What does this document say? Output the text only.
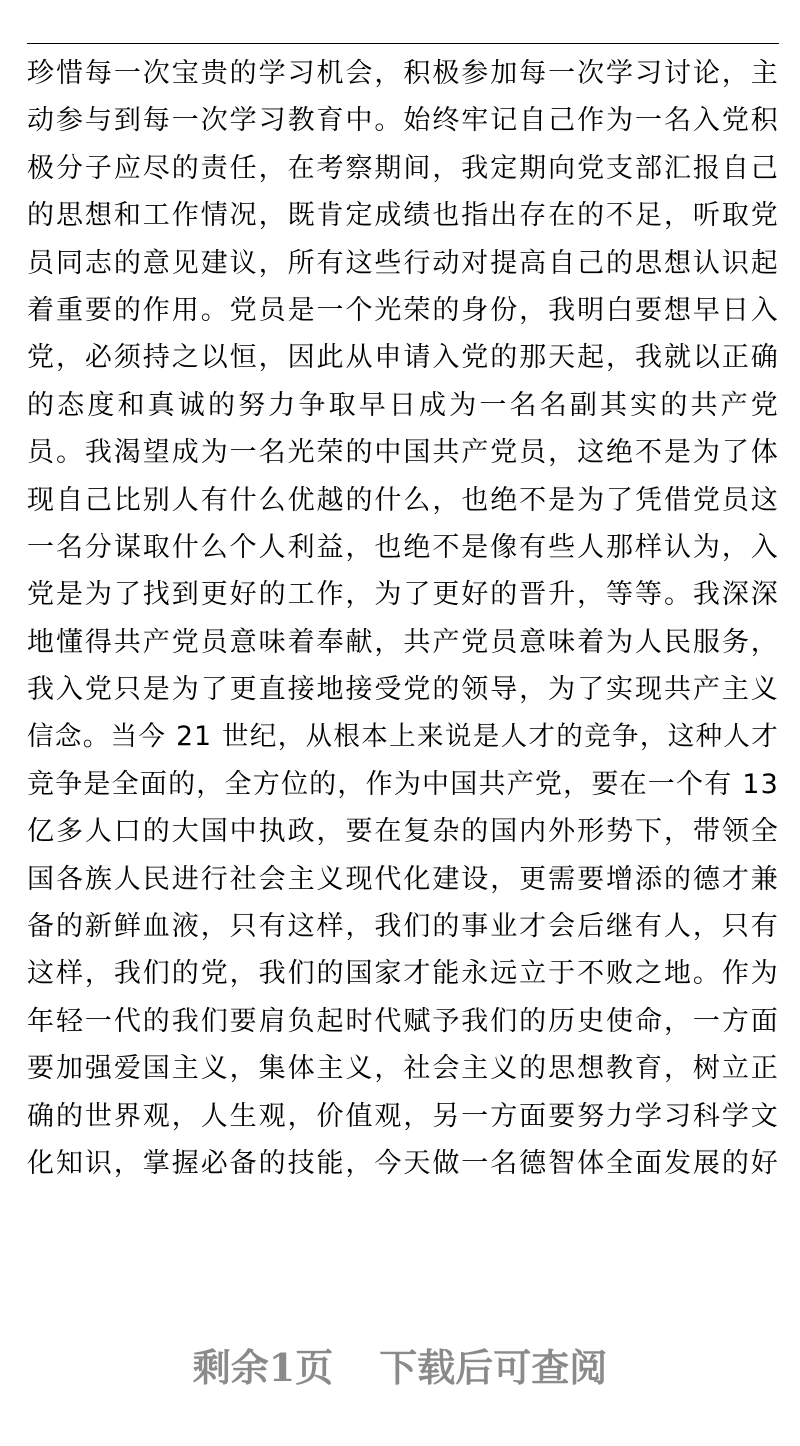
珍惜每一次宝贵的学习机会，积极参加每一次学习讨论，主
动参与到每一次学习教育中。始终牢记自己作为一名入党积
极分子应尽的责任，在考察期间，我定期向党支部汇报自己
的思想和工作情况，既肯定成绩也指出存在的不足，听取党
员同志的意见建议，所有这些行动对提高自己的思想认识起
着重要的作用。党员是一个光荣的身份，我明白要想早日入
党，必须持之以恒，因此从申请入党的那天起，我就以正确
的态度和真诚的努力争取早日成为一名名副其实的共产党
员。我渴望成为一名光荣的中国共产党员，这绝不是为了体
现自己比别人有什么优越的什么，也绝不是为了凭借党员这
一名分谋取什么个人利益，也绝不是像有些人那样认为，入
党是为了找到更好的工作，为了更好的晋升，等等。我深深
地懂得共产党员意味着奉献，共产党员意味着为人民服务，
我入党只是为了更直接地接受党的领导，为了实现共产主义
信念。当今 21 世纪，从根本上来说是人才的竞争，这种人才
竞争是全面的，全方位的，作为中国共产党，要在一个有 13
亿多人口的大国中执政，要在复杂的国内外形势下，带领全
国各族人民进行社会主义现代化建设，更需要增添的德才兼
备的新鲜血液，只有这样，我们的事业才会后继有人，只有
这样，我们的党，我们的国家才能永远立于不败之地。作为
年轻一代的我们要肩负起时代赋予我们的历史使命，一方面
要加强爱国主义，集体主义，社会主义的思想教育，树立正
确的世界观，人生观，价值观，另一方面要努力学习科学文
化知识，掌握必备的技能，今天做一名德智体全面发展的好
剩余1页 下载后可查阅
